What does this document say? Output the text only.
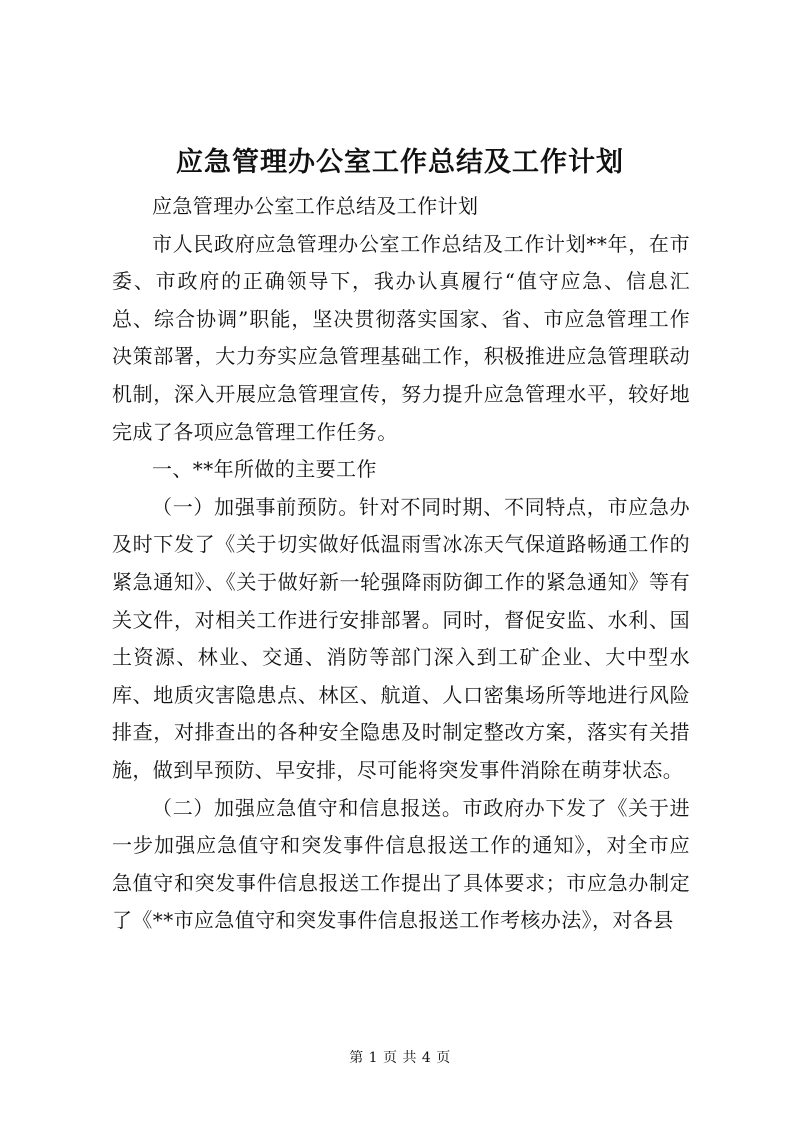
应急管理办公室工作总结及工作计划

应急管理办公室工作总结及工作计划

市人民政府应急管理办公室工作总结及工作计划**年，在市委、市政府的正确领导下，我办认真履行“值守应急、信息汇总、综合协调”职能，坚决贯彻落实国家、省、市应急管理工作决策部署，大力夯实应急管理基础工作，积极推进应急管理联动机制，深入开展应急管理宣传，努力提升应急管理水平，较好地完成了各项应急管理工作任务。

一、**年所做的主要工作

（一）加强事前预防。针对不同时期、不同特点，市应急办及时下发了《关于切实做好低温雨雪冰冻天气保道路畅通工作的紧急通知》、《关于做好新一轮强降雨防御工作的紧急通知》等有关文件，对相关工作进行安排部署。同时，督促安监、水利、国土资源、林业、交通、消防等部门深入到工矿企业、大中型水库、地质灾害隐患点、林区、航道、人口密集场所等地进行风险排查，对排查出的各种安全隐患及时制定整改方案，落实有关措施，做到早预防、早安排，尽可能将突发事件消除在萌芽状态。

（二）加强应急值守和信息报送。市政府办下发了《关于进一步加强应急值守和突发事件信息报送工作的通知》，对全市应急值守和突发事件信息报送工作提出了具体要求；市应急办制定了《**市应急值守和突发事件信息报送工作考核办法》，对各县

第 1 页 共 4 页
